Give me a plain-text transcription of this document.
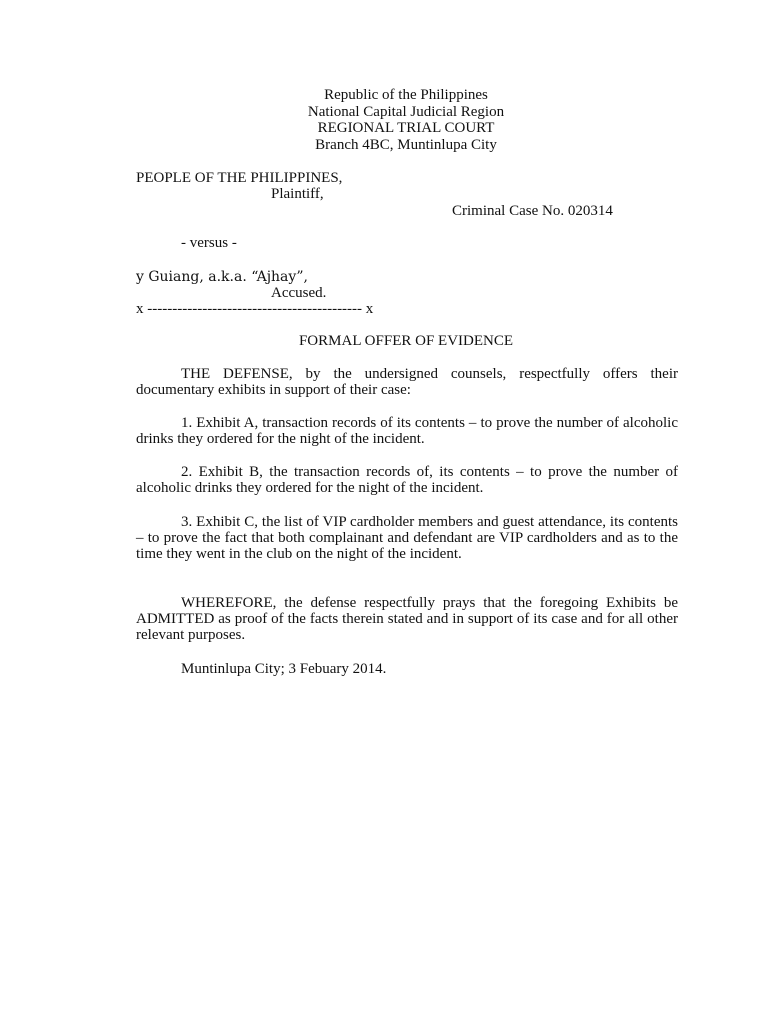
Republic of the Philippines
National Capital Judicial Region
REGIONAL TRIAL COURT
Branch 4BC, Muntinlupa City
PEOPLE OF THE PHILIPPINES,
Plaintiff,
Criminal Case No. 020314
- versus -
y Guiang, a.k.a. “Ajhay”,
Accused.
x ------------------------------------------- x
FORMAL OFFER OF EVIDENCE
THE DEFENSE, by the undersigned counsels, respectfully offers their documentary exhibits in support of their case:
1. Exhibit A, transaction records of its contents – to prove the number of alcoholic drinks they ordered for the night of the incident.
2. Exhibit B, the transaction records of, its contents – to prove the number of alcoholic drinks they ordered for the night of the incident.
3. Exhibit C, the list of VIP cardholder members and guest attendance, its contents – to prove the fact that both complainant and defendant are VIP cardholders and as to the time they went in the club on the night of the incident.
WHEREFORE, the defense respectfully prays that the foregoing Exhibits be ADMITTED as proof of the facts therein stated and in support of its case and for all other relevant purposes.
Muntinlupa City; 3 Febuary 2014.
